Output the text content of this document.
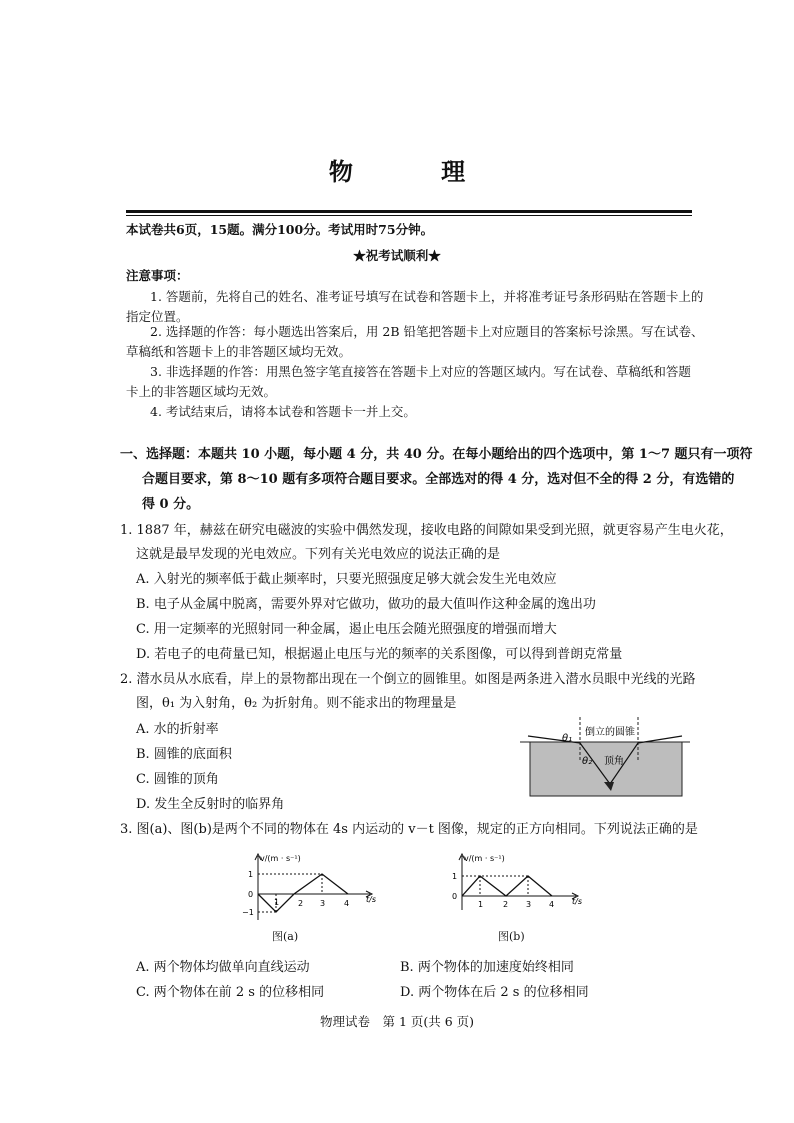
物 理
本试卷共6页，15题。满分100分。考试用时75分钟。
★祝考试顺利★
注意事项：
1. 答题前，先将自己的姓名、准考证号填写在试卷和答题卡上，并将准考证号条形码贴在答题卡上的
指定位置。
2. 选择题的作答：每小题选出答案后，用 2B 铅笔把答题卡上对应题目的答案标号涂黑。写在试卷、
草稿纸和答题卡上的非答题区域均无效。
3. 非选择题的作答：用黑色签字笔直接答在答题卡上对应的答题区域内。写在试卷、草稿纸和答题
卡上的非答题区域均无效。
4. 考试结束后，请将本试卷和答题卡一并上交。
一、选择题：本题共 10 小题，每小题 4 分，共 40 分。在每小题给出的四个选项中，第 1～7 题只有一项符
合题目要求，第 8～10 题有多项符合题目要求。全部选对的得 4 分，选对但不全的得 2 分，有选错的
得 0 分。
1. 1887 年，赫兹在研究电磁波的实验中偶然发现，接收电路的间隙如果受到光照，就更容易产生电火花，
这就是最早发现的光电效应。下列有关光电效应的说法正确的是
A. 入射光的频率低于截止频率时，只要光照强度足够大就会发生光电效应
B. 电子从金属中脱离，需要外界对它做功，做功的最大值叫作这种金属的逸出功
C. 用一定频率的光照射同一种金属，遏止电压会随光照强度的增强而增大
D. 若电子的电荷量已知，根据遏止电压与光的频率的关系图像，可以得到普朗克常量
2. 潜水员从水底看，岸上的景物都出现在一个倒立的圆锥里。如图是两条进入潜水员眼中光线的光路
图，θ₁ 为入射角，θ₂ 为折射角。则不能求出的物理量是
A. 水的折射率
B. 圆锥的底面积
C. 圆锥的顶角
D. 发生全反射时的临界角
θ₁
θ₂
倒立的圆锥
顶角
3. 图(a)、图(b)是两个不同的物体在 4s 内运动的 v－t 图像，规定的正方向相同。下列说法正确的是
v/(m · s⁻¹)
t/s
1
0
−1
1 2 3 4
图(a)
v/(m · s⁻¹)
t/s
1
0
1 2 3 4
图(b)
A. 两个物体均做单向直线运动	B. 两个物体的加速度始终相同
C. 两个物体在前 2 s 的位移相同	D. 两个物体在后 2 s 的位移相同
物理试卷　第 1 页(共 6 页)
